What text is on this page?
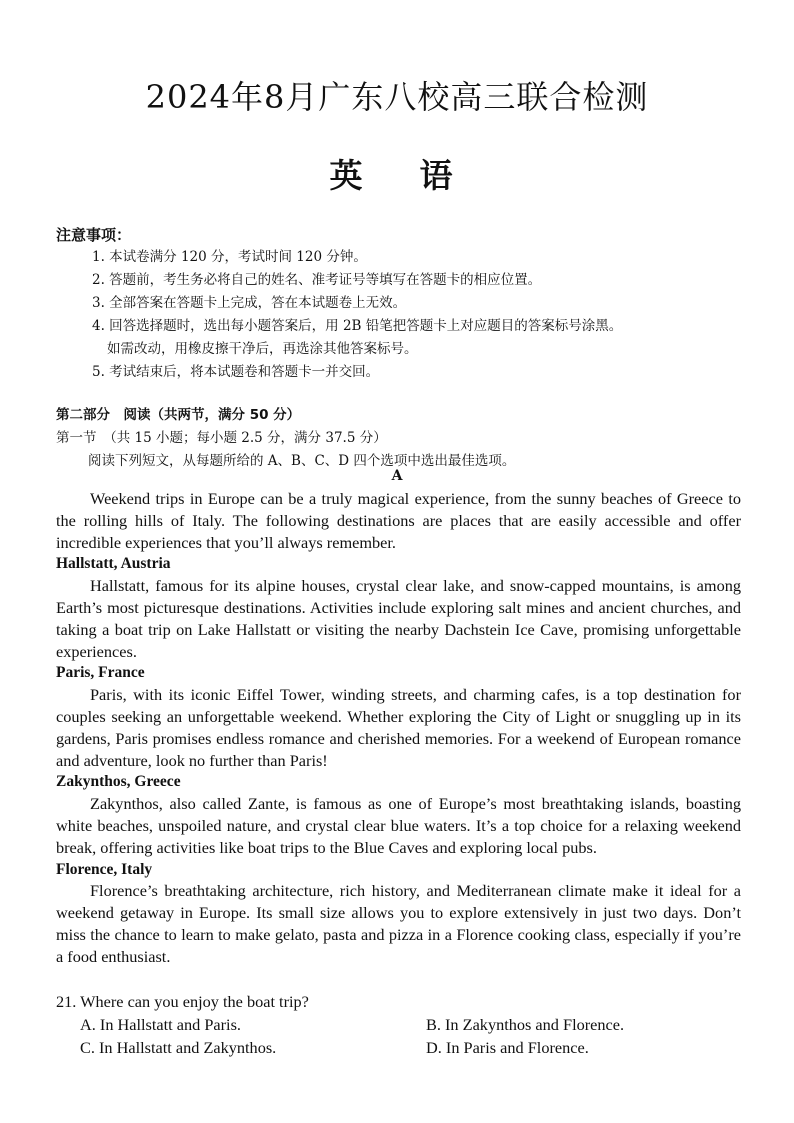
2024年8月广东八校高三联合检测
英　语
注意事项：
1. 本试卷满分 120 分，考试时间 120 分钟。
2. 答题前，考生务必将自己的姓名、准考证号等填写在答题卡的相应位置。
3. 全部答案在答题卡上完成，答在本试题卷上无效。
4. 回答选择题时，选出每小题答案后，用 2B 铅笔把答题卡上对应题目的答案标号涂黑。
如需改动，用橡皮擦干净后，再选涂其他答案标号。
5. 考试结束后，将本试题卷和答题卡一并交回。
第二部分　阅读（共两节，满分 50 分）
第一节　（共 15 小题；每小题 2.5 分，满分 37.5 分）
阅读下列短文，从每题所给的 A、B、C、D 四个选项中选出最佳选项。
A

Weekend trips in Europe can be a truly magical experience, from the sunny beaches of Greece to the rolling hills of Italy. The following destinations are places that are easily accessible and offer incredible experiences that you’ll always remember.

Hallstatt, Austria

Hallstatt, famous for its alpine houses, crystal clear lake, and snow-capped mountains, is among Earth’s most picturesque destinations. Activities include exploring salt mines and ancient churches, and taking a boat trip on Lake Hallstatt or visiting the nearby Dachstein Ice Cave, promising unforgettable experiences.

Paris, France

Paris, with its iconic Eiffel Tower, winding streets, and charming cafes, is a top destination for couples seeking an unforgettable weekend. Whether exploring the City of Light or snuggling up in its gardens, Paris promises endless romance and cherished memories. For a weekend of European romance and adventure, look no further than Paris!

Zakynthos, Greece

Zakynthos, also called Zante, is famous as one of Europe’s most breathtaking islands, boasting white beaches, unspoiled nature, and crystal clear blue waters. It’s a top choice for a relaxing weekend break, offering activities like boat trips to the Blue Caves and exploring local pubs.

Florence, Italy

Florence’s breathtaking architecture, rich history, and Mediterranean climate make it ideal for a weekend getaway in Europe. Its small size allows you to explore extensively in just two days. Don’t miss the chance to learn to make gelato, pasta and pizza in a Florence cooking class, especially if you’re a food enthusiast.

21. Where can you enjoy the boat trip?
A. In Hallstatt and Paris.	B. In Zakynthos and Florence.
C. In Hallstatt and Zakynthos.	D. In Paris and Florence.
